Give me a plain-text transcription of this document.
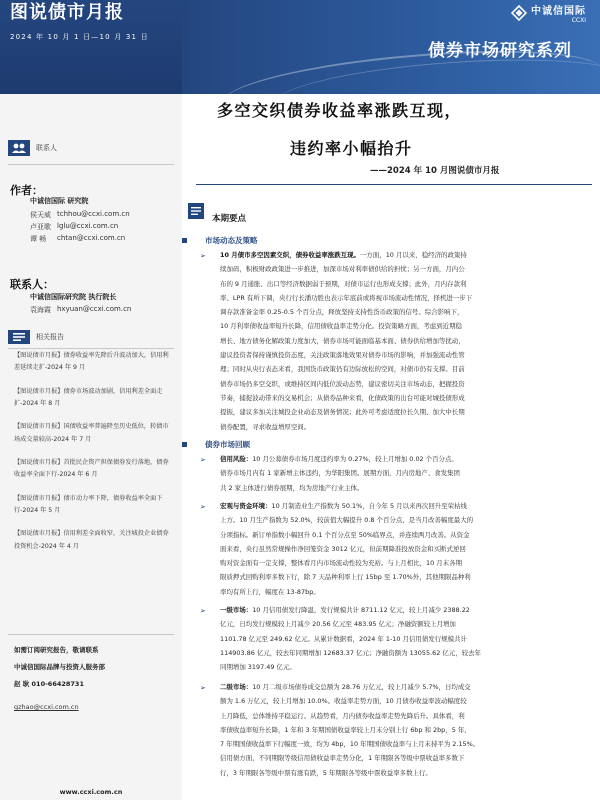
图说债市月报
2024 年 10 月 1 日—10 月 31 日
中诚信国际
CCXI
债券市场研究系列
联系人
作者：
中诚信国际 研究院
侯天威 tchhou@ccxi.com.cn
卢亚歌 lglu@ccxi.com.cn
谭 畅	chtan@ccxi.com.cn
联系人：
中诚信国际研究院 执行院长
袁海霞 hxyuan@ccxi.com.cn
相关报告
【图说债市月报】债券收益率先降后升波动加大，信用利差延续走扩-2024 年 9 月
【图说债市月报】债券市场波动加剧，信用利差全面走扩-2024 年 8 月
【图说债市月报】国债收益率普遍降至历史低位，转债市场成交量较高-2024 年 7 月
【图说债市月报】首批民企资产担保债券发行落地，债券收益率全面下行-2024 年 6 月
【图说债市月报】债市动力率下降，债券收益率全面下行-2024 年 5 月
【图说债市月报】信用利差全面收窄，关注城投企业债券投资机会-2024 年 4 月
如需订阅研究报告，敬请联系
中诚信国际品牌与投资人服务部
赵 耿 010-66428731
gzhao@ccxi.com.cn
www.ccxi.com.cn
多空交织债券收益率涨跌互现，
违约率小幅抬升
——2024 年 10 月图说债市月报
本期要点
市场动态及策略
➢ 10 月债市多空因素交织，债券收益率涨跌互现。一方面，10 月以来，稳经济的政策持
续加码，积极财政政策进一步推进，加深市场对利率债供给的担忧；另一方面，月内公
布的 9 月通胀、出口等经济数据弱于预期，对债市运行也形成支撑；此外，月内存款利
率、LPR 有所下调，央行行长潘功胜也表示年底前或将视市场流动性情况，择机进一步下
调存款准备金率 0.25-0.5 个百分点，释放坚持支持性货币政策的信号。综合影响下，
10 月利率债收益率短升长降，信用债收益率走势分化。投资策略方面，考虑到近期稳
增长、地方债务化解政策力度加大，债券市场可能面临基本面、债券供给增加等扰动，
建议投资者保持谨慎投资态度，关注政策落地效果对债券市场的影响，并加强流动性管
理；同时从央行表态来看，我国货币政策仍有边际放松的空间，对债市仍有支撑。目前
债券市场仍多空交织，或维持区间内低位波动态势，建议密切关注市场动态，把握投资
节奏，捕捉波动带来的交易机会；从债券品种来看，化债政策的出台可能对城投债形成
提振，建议多加关注城投企业动态及债务情况；此外可考虑适度拉长久期、加大中长期
债券配置，寻求收益增厚空间。
债券市场回顾
➢ 信用风险：10 月公募债券市场月度违约率为 0.27%，较上月增加 0.02 个百分点。
债券市场月内有 1 家新增主体违约，为华阳集团。展期方面，月内房地产、食发集团
共 2 家主体进行债券展期，均为房地产行业主体。
➢ 宏观与资金环境：10 月制造业生产指数为 50.1%，自今年 5 月以来再次回升至荣枯线
上方。10 月生产指数为 52.0%，较前值大幅提升 0.8 个百分点，是当月改善幅度最大的
分项指标。新订单指数小幅回升 0.1 个百分点至 50%临界点，并连续两月改善。从资金
面来看，央行虽然常规操作净回笼资金 3012 亿元，但前期降准投放资金和买断式逆回
购对资金面有一定支撑，整体看月内市场流动性较为充裕。与上月相比，10 月末各期
限质押式回购利率多数下行，除 7 天品种利率上行 15bp 至 1.70%外，其他期限品种利
率均有所上行，幅度在 13-87bp。
➢ 一级市场：10 月信用债发行降温，发行规模共计 8711.12 亿元，较上月减少 2388.22
亿元，日均发行规模较上月减少 20.56 亿元至 483.95 亿元；净融资额较上月增加
1101.78 亿元至 249.62 亿元。从累计数据看，2024 年 1-10 月信用债发行规模共计
114903.86 亿元，较去年同期增加 12683.37 亿元；净融资额为 13055.62 亿元，较去年
同期增加 3197.49 亿元。
➢ 二级市场：10 月二级市场债券成交总额为 28.76 万亿元，较上月减少 5.7%，日均成交
额为 1.6 万亿元，较上月增加 10.0%。收益率走势方面，10 月债券收益率波动幅度较
上月降低，总体维持平稳运行。从趋势看，月内债券收益率走势先降后升。具体看，利
率债收益率短升长降，1 年和 3 年期国债收益率较上月末分别上行 6bp 和 2bp，5 年、
7 年期国债收益率下行幅度一致，均为 4bp，10 年期国债收益率与上月末持平为 2.15%。
信用债方面，不同期限等级信用债收益率走势分化，1 年期限各等级中票收益率多数下
行，3 年期限各等级中票有涨有跌，5 年期限各等级中票收益率多数上行。
